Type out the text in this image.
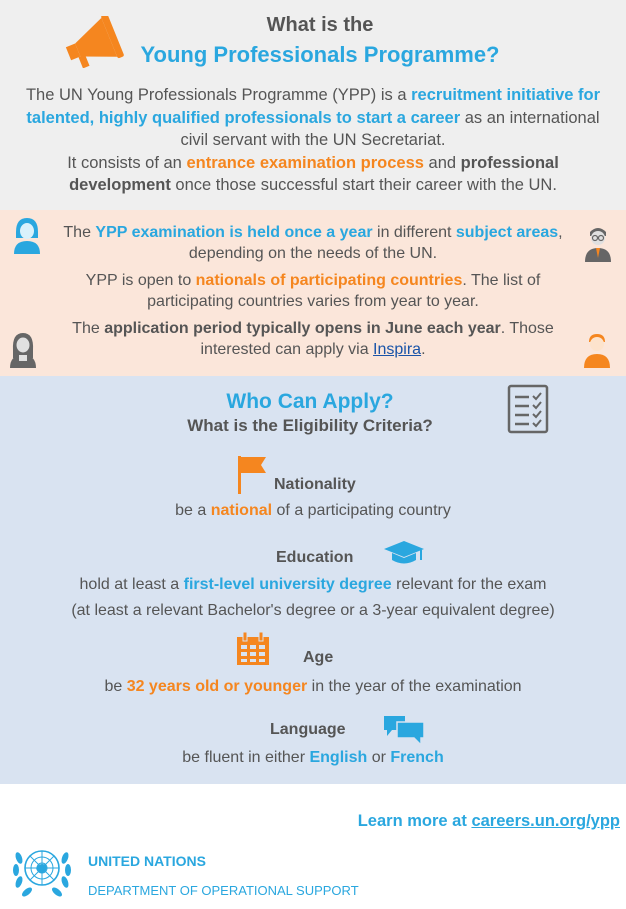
What is the
Young Professionals Programme?
The UN Young Professionals Programme (YPP) is a recruitment initiative for talented, highly qualified professionals to start a career as an international civil servant with the UN Secretariat.
It consists of an entrance examination process and professional development once those successful start their career with the UN.
The YPP examination is held once a year in different subject areas, depending on the needs of the UN.
YPP is open to nationals of participating countries. The list of participating countries varies from year to year.
The application period typically opens in June each year. Those interested can apply via Inspira.
Who Can Apply?
What is the Eligibility Criteria?
Nationality
be a national of a participating country
Education
hold at least a first-level university degree relevant for the exam
(at least a relevant Bachelor's degree or a 3-year equivalent degree)
Age
be 32 years old or younger in the year of the examination
Language
be fluent in either English or French
Learn more at careers.un.org/ypp
UNITED NATIONS
DEPARTMENT OF OPERATIONAL SUPPORT
